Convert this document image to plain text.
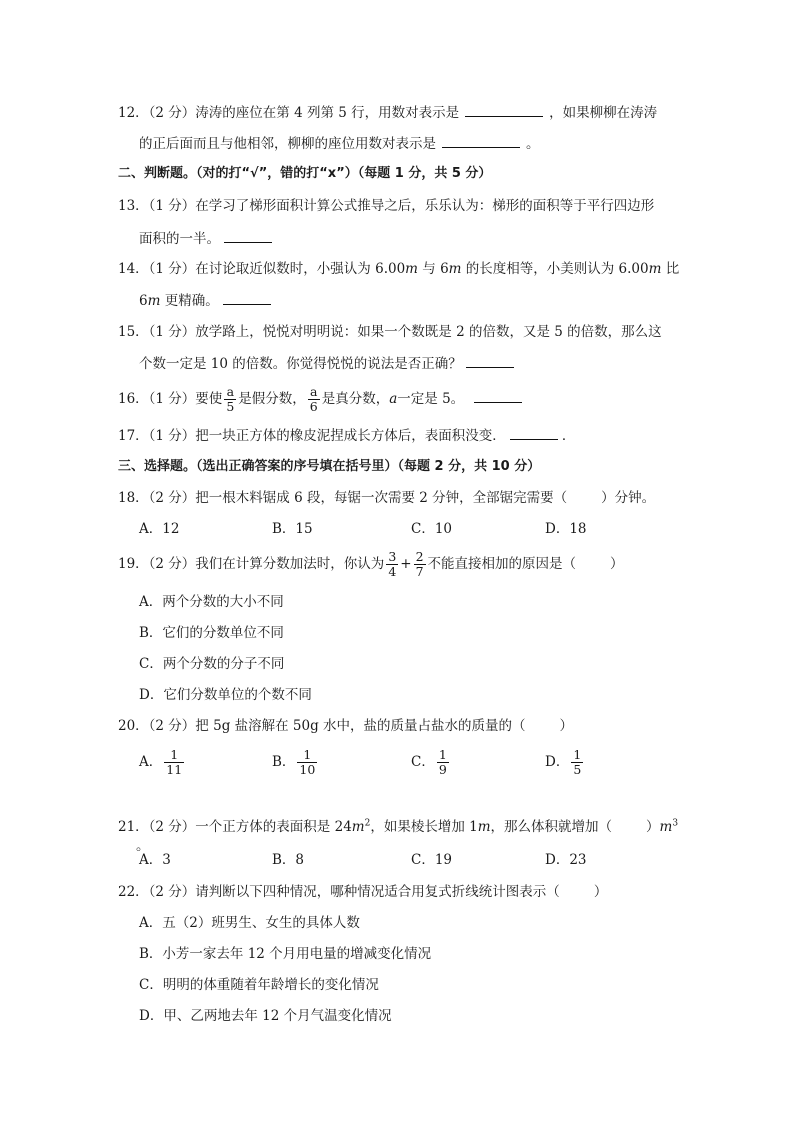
12．（2 分）涛涛的座位在第 4 列第 5 行，用数对表示是	，如果柳柳在涛涛
的正后面而且与他相邻，柳柳的座位用数对表示是	。
二、判断题。（对的打“√”，错的打“x”）（每题 1 分，共 5 分）
13．（1 分）在学习了梯形面积计算公式推导之后，乐乐认为：梯形的面积等于平行四边形
面积的一半。
14．（1 分）在讨论取近似数时，小强认为 6.00m 与 6m 的长度相等，小美则认为 6.00m 比
6m 更精确。
15．（1 分）放学路上，悦悦对明明说：如果一个数既是 2 的倍数，又是 5 的倍数，那么这
个数一定是 10 的倍数。你觉得悦悦的说法是否正确？
16．（1 分）要使 $\frac{a}{5}$ 是假分数， $\frac{a}{6}$ 是真分数，a一定是 5。
17．（1 分）把一块正方体的橡皮泥捏成长方体后，表面积没变．	．
三、选择题。（选出正确答案的序号填在括号里）（每题 2 分，共 10 分）
18．（2 分）把一根木料锯成 6 段，每锯一次需要 2 分钟，全部锯完需要（	）分钟。
A．12	B．15	C．10	D．18
19．（2 分）我们在计算分数加法时，你认为 $\frac{3}{4} + \frac{2}{7}$ 不能直接相加的原因是（	）
A．两个分数的大小不同
B．它们的分数单位不同
C．两个分数的分子不同
D．它们分数单位的个数不同
20．（2 分）把 5g 盐溶解在 50g 水中，盐的质量占盐水的质量的（	）
A． $\frac{1}{11}$	B． $\frac{1}{10}$	C． $\frac{1}{9}$	D． $\frac{1}{5}$
21．（2 分）一个正方体的表面积是 $24m^2$，如果棱长增加 1m，那么体积就增加（	）$m^3$
。
A．3	B．8	C．19	D．23
22．（2 分）请判断以下四种情况，哪种情况适合用复式折线统计图表示（	）
A．五（2）班男生、女生的具体人数
B．小芳一家去年 12 个月用电量的增减变化情况
C．明明的体重随着年龄增长的变化情况
D．甲、乙两地去年 12 个月气温变化情况
